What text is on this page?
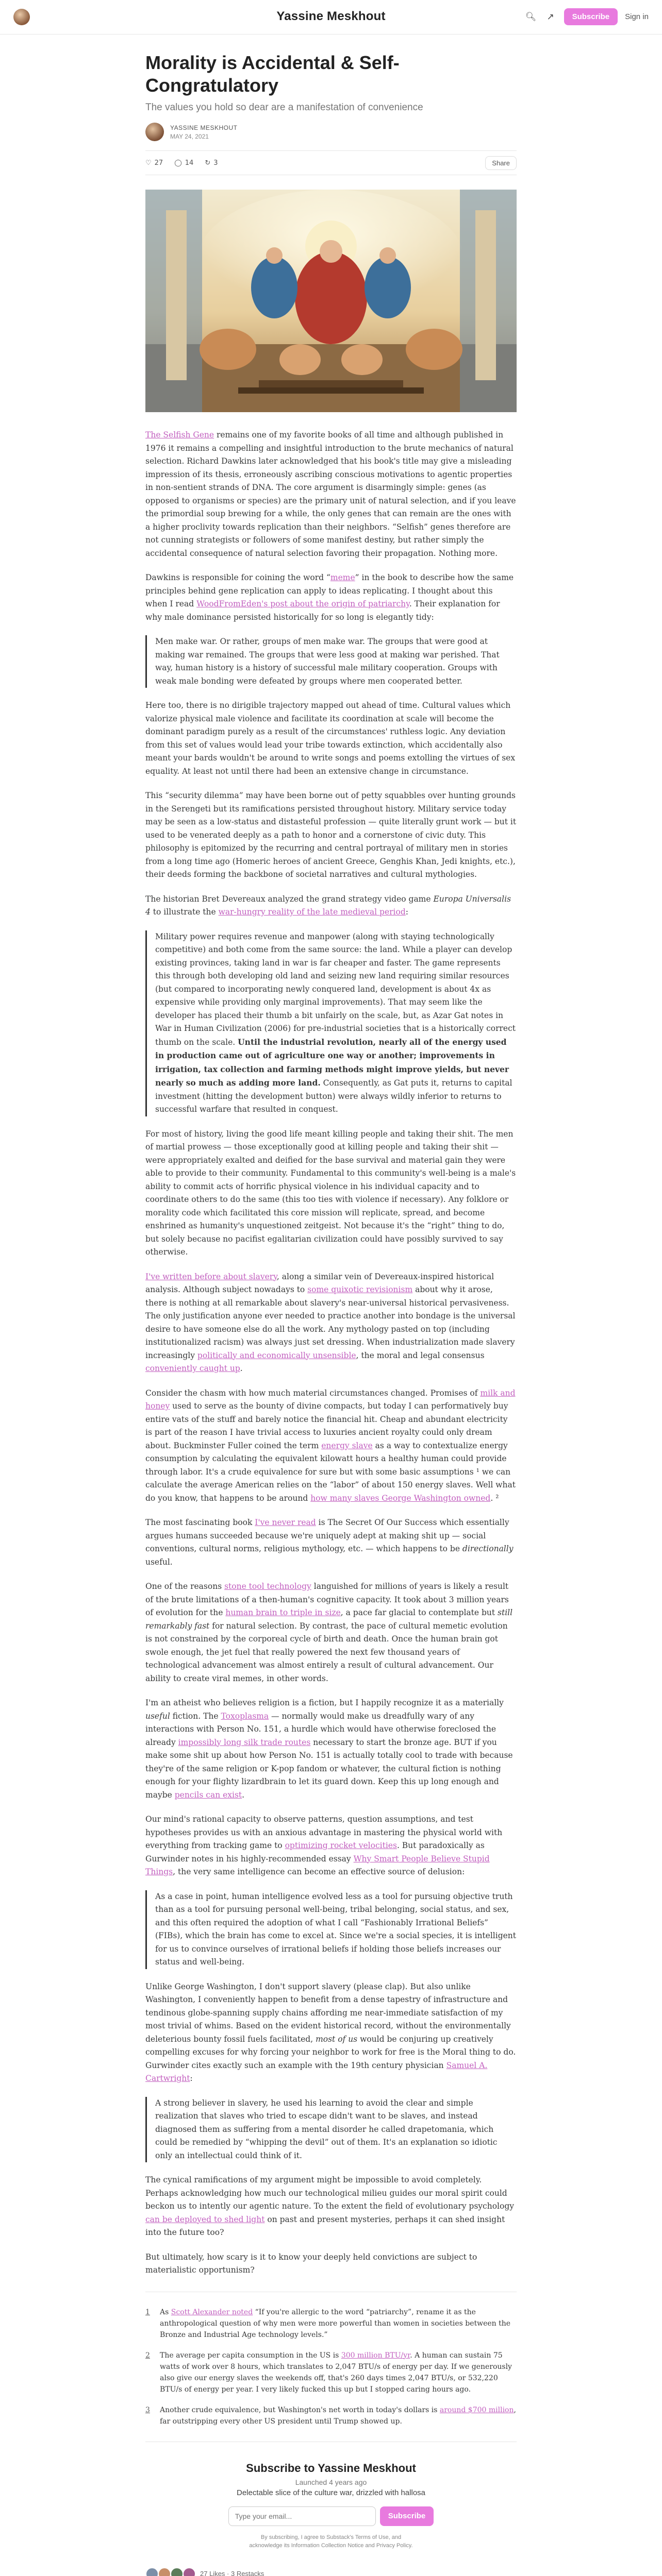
Yassine Meskhout	🔍︎ ↗	Subscribe	Sign in
Morality is Accidental & Self-Congratulatory
The values you hold so dear are a manifestation of convenience
YASSINE MESKHOUT
MAY 24, 2021
♡ 27 ◯ 14 ↻ 3	Share

The Selfish Gene remains one of my favorite books of all time and although published in 1976 it remains a compelling and insightful introduction to the brute mechanics of natural selection. Richard Dawkins later acknowledged that his book's title may give a misleading impression of its thesis, erroneously ascribing conscious motivations to agentic properties in non-sentient strands of DNA. The core argument is disarmingly simple: genes (as opposed to organisms or species) are the primary unit of natural selection, and if you leave the primordial soup brewing for a while, the only genes that can remain are the ones with a higher proclivity towards replication than their neighbors. “Selfish” genes therefore are not cunning strategists or followers of some manifest destiny, but rather simply the accidental consequence of natural selection favoring their propagation. Nothing more.

Dawkins is responsible for coining the word “meme” in the book to describe how the same principles behind gene replication can apply to ideas replicating. I thought about this when I read WoodFromEden's post about the origin of patriarchy. Their explanation for why male dominance persisted historically for so long is elegantly tidy:

Men make war. Or rather, groups of men make war. The groups that were good at making war remained. The groups that were less good at making war perished. That way, human history is a history of successful male military cooperation. Groups with weak male bonding were defeated by groups where men cooperated better.

Here too, there is no dirigible trajectory mapped out ahead of time. Cultural values which valorize physical male violence and facilitate its coordination at scale will become the dominant paradigm purely as a result of the circumstances' ruthless logic. Any deviation from this set of values would lead your tribe towards extinction, which accidentally also meant your bards wouldn't be around to write songs and poems extolling the virtues of sex equality. At least not until there had been an extensive change in circumstance.

This “security dilemma” may have been borne out of petty squabbles over hunting grounds in the Serengeti but its ramifications persisted throughout history. Military service today may be seen as a low-status and distasteful profession — quite literally grunt work — but it used to be venerated deeply as a path to honor and a cornerstone of civic duty. This philosophy is epitomized by the recurring and central portrayal of military men in stories from a long time ago (Homeric heroes of ancient Greece, Genghis Khan, Jedi knights, etc.), their deeds forming the backbone of societal narratives and cultural mythologies.

The historian Bret Devereaux analyzed the grand strategy video game Europa Universalis 4 to illustrate the war-hungry reality of the late medieval period:

Military power requires revenue and manpower (along with staying technologically competitive) and both come from the same source: the land. While a player can develop existing provinces, taking land in war is far cheaper and faster. The game represents this through both developing old land and seizing new land requiring similar resources (but compared to incorporating newly conquered land, development is about 4x as expensive while providing only marginal improvements). That may seem like the developer has placed their thumb a bit unfairly on the scale, but, as Azar Gat notes in War in Human Civilization (2006) for pre-industrial societies that is a historically correct thumb on the scale. Until the industrial revolution, nearly all of the energy used in production came out of agriculture one way or another; improvements in irrigation, tax collection and farming methods might improve yields, but never nearly so much as adding more land. Consequently, as Gat puts it, returns to capital investment (hitting the development button) were always wildly inferior to returns to successful warfare that resulted in conquest.

For most of history, living the good life meant killing people and taking their shit. The men of martial prowess — those exceptionally good at killing people and taking their shit — were appropriately exalted and deified for the base survival and material gain they were able to provide to their community. Fundamental to this community's well-being is a male's ability to commit acts of horrific physical violence in his individual capacity and to coordinate others to do the same (this too ties with violence if necessary). Any folklore or morality code which facilitated this core mission will replicate, spread, and become enshrined as humanity's unquestioned zeitgeist. Not because it's the “right” thing to do, but solely because no pacifist egalitarian civilization could have possibly survived to say otherwise.

I've written before about slavery, along a similar vein of Devereaux-inspired historical analysis. Although subject nowadays to some quixotic revisionism about why it arose, there is nothing at all remarkable about slavery's near-universal historical pervasiveness. The only justification anyone ever needed to practice another into bondage is the universal desire to have someone else do all the work. Any mythology pasted on top (including institutionalized racism) was always just set dressing. When industrialization made slavery increasingly politically and economically unsensible, the moral and legal consensus conveniently caught up.

Consider the chasm with how much material circumstances changed. Promises of milk and honey used to serve as the bounty of divine compacts, but today I can performatively buy entire vats of the stuff and barely notice the financial hit. Cheap and abundant electricity is part of the reason I have trivial access to luxuries ancient royalty could only dream about. Buckminster Fuller coined the term energy slave as a way to contextualize energy consumption by calculating the equivalent kilowatt hours a healthy human could provide through labor. It's a crude equivalence for sure but with some basic assumptions ¹ we can calculate the average American relies on the “labor” of about 150 energy slaves. Well what do you know, that happens to be around how many slaves George Washington owned. ²

The most fascinating book I've never read is The Secret Of Our Success which essentially argues humans succeeded because we're uniquely adept at making shit up — social conventions, cultural norms, religious mythology, etc. — which happens to be directionally useful.

One of the reasons stone tool technology languished for millions of years is likely a result of the brute limitations of a then-human's cognitive capacity. It took about 3 million years of evolution for the human brain to triple in size, a pace far glacial to contemplate but still remarkably fast for natural selection. By contrast, the pace of cultural memetic evolution is not constrained by the corporeal cycle of birth and death. Once the human brain got swole enough, the jet fuel that really powered the next few thousand years of technological advancement was almost entirely a result of cultural advancement. Our ability to create viral memes, in other words.

I'm an atheist who believes religion is a fiction, but I happily recognize it as a materially useful fiction. The Toxoplasma — normally would make us dreadfully wary of any interactions with Person No. 151, a hurdle which would have otherwise foreclosed the already impossibly long silk trade routes necessary to start the bronze age. BUT if you make some shit up about how Person No. 151 is actually totally cool to trade with because they're of the same religion or K-pop fandom or whatever, the cultural fiction is nothing enough for your flighty lizardbrain to let its guard down. Keep this up long enough and maybe pencils can exist.

Our mind's rational capacity to observe patterns, question assumptions, and test hypotheses provides us with an anxious advantage in mastering the physical world with everything from tracking game to optimizing rocket velocities. But paradoxically as Gurwinder notes in his highly-recommended essay Why Smart People Believe Stupid Things, the very same intelligence can become an effective source of delusion:

As a case in point, human intelligence evolved less as a tool for pursuing objective truth than as a tool for pursuing personal well-being, tribal belonging, social status, and sex, and this often required the adoption of what I call “Fashionably Irrational Beliefs” (FIBs), which the brain has come to excel at. Since we're a social species, it is intelligent for us to convince ourselves of irrational beliefs if holding those beliefs increases our status and well-being.

Unlike George Washington, I don't support slavery (please clap). But also unlike Washington, I conveniently happen to benefit from a dense tapestry of infrastructure and tendinous globe-spanning supply chains affording me near-immediate satisfaction of my most trivial of whims. Based on the evident historical record, without the environmentally deleterious bounty fossil fuels facilitated, most of us would be conjuring up creatively compelling excuses for why forcing your neighbor to work for free is the Moral thing to do. Gurwinder cites exactly such an example with the 19th century physician Samuel A. Cartwright:

A strong believer in slavery, he used his learning to avoid the clear and simple realization that slaves who tried to escape didn't want to be slaves, and instead diagnosed them as suffering from a mental disorder he called drapetomania, which could be remedied by “whipping the devil” out of them. It's an explanation so idiotic only an intellectual could think of it.

The cynical ramifications of my argument might be impossible to avoid completely. Perhaps acknowledging how much our technological milieu guides our moral spirit could beckon us to intently our agentic nature. To the extent the field of evolutionary psychology can be deployed to shed light on past and present mysteries, perhaps it can shed insight into the future too?

But ultimately, how scary is it to know your deeply held convictions are subject to materialistic opportunism?

1	As Scott Alexander noted “If you're allergic to the word “patriarchy”, rename it as the anthropological question of why men were more powerful than women in societies between the Bronze and Industrial Age technology levels.”
2	The average per capita consumption in the US is 300 million BTU/yr. A human can sustain 75 watts of work over 8 hours, which translates to 2,047 BTU/s of energy per day. If we generously also give our energy slaves the weekends off, that's 260 days times 2,047 BTU/s, or 532,220 BTU/s of energy per year. I very likely fucked this up but I stopped caring hours ago.
3	Another crude equivalence, but Washington's net worth in today's dollars is around $700 million, far outstripping every other US president until Trump showed up.
Subscribe to Yassine Meskhout
Launched 4 years ago
Delectable slice of the culture war, drizzled with hallosa
Type your email...
Subscribe
By subscribing, I agree to Substack's Terms of Use, and acknowledge its Information Collection Notice and Privacy Policy.
27 Likes · 3 Restacks
